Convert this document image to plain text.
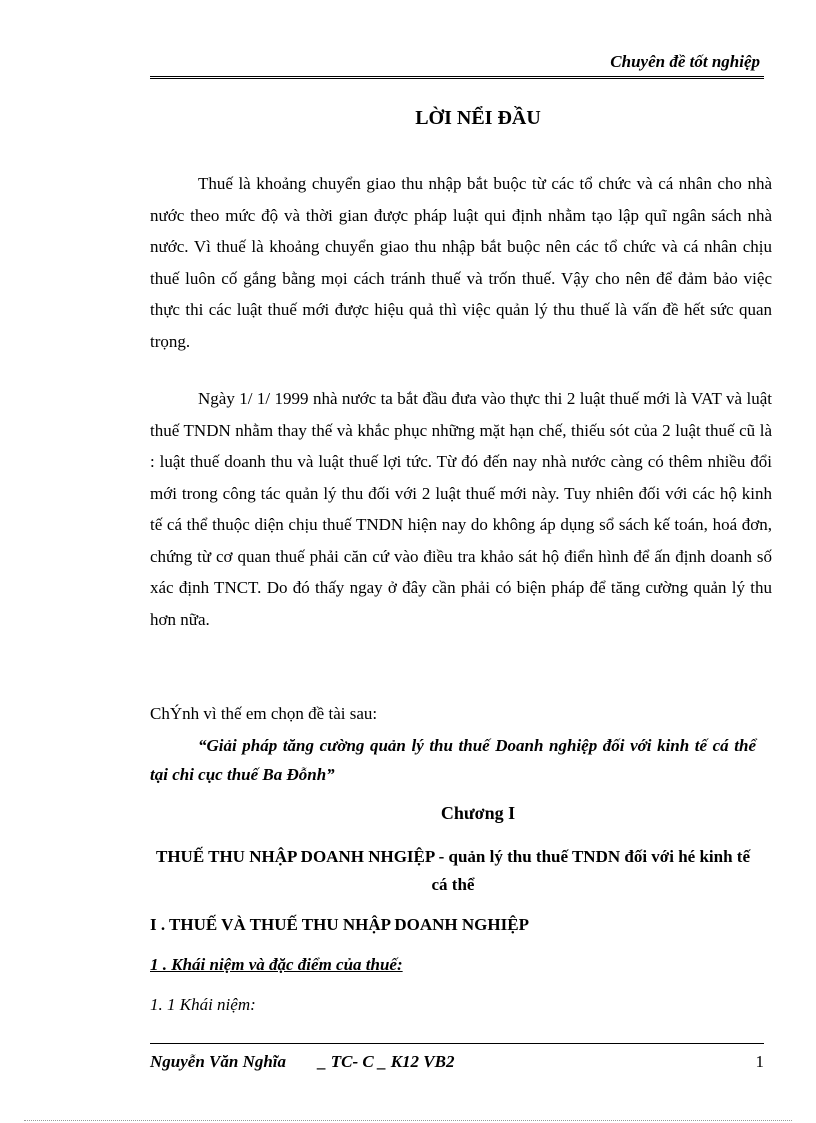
Chuyên đề tốt nghiệp
LỜI NỂI ĐẦU

Thuế là khoảng chuyển giao thu nhập bắt buộc từ các tổ chức và cá nhân cho nhà nước theo mức độ và thời gian được pháp luật qui định nhằm tạo lập quĩ ngân sách nhà nước. Vì thuế là khoảng chuyển giao thu nhập bắt buộc nên các tổ chức và cá nhân chịu thuế luôn cố gắng bằng mọi cách tránh thuế và trốn thuế. Vậy cho nên để đảm bảo việc thực thi các luật thuế mới được hiệu quả thì việc quản lý thu thuế là vấn đề hết sức quan trọng.

Ngày 1/ 1/ 1999 nhà nước ta bắt đầu đưa vào thực thi 2 luật thuế mới là VAT và luật thuế TNDN nhằm thay thế và khắc phục những mặt hạn chế, thiếu sót của 2 luật thuế cũ là : luật thuế doanh thu và luật thuế lợi tức. Từ đó đến nay nhà nước càng có thêm nhiều đổi mới trong công tác quản lý thu đối với 2 luật thuế mới này. Tuy nhiên đối với các hộ kinh tế cá thể thuộc diện chịu thuế TNDN hiện nay do không áp dụng sổ sách kế toán, hoá đơn, chứng từ cơ quan thuế phải căn cứ vào điều tra khảo sát hộ điển hình để ấn định doanh số xác định TNCT. Do đó thấy ngay ở đây cần phải có biện pháp để tăng cường quản lý thu hơn nữa.

ChÝnh vì thế em chọn đề tài sau:

“Giải pháp tăng cường quản lý thu thuế Doanh nghiệp đối với kinh tế cá thể tại chi cục thuế Ba Đỗnh”

Chương I

THUẾ THU NHẬP DOANH NHGIỆP - quản lý thu thuế TNDN đối với hé kinh tế cá thể

I . THUẾ VÀ THUẾ THU NHẬP DOANH NGHIỆP
1 . Khái niệm và đặc điểm của thuế:
1. 1 Khái niệm:
Nguyễn Văn Nghĩa _ TC- C _ K12 VB2	1
